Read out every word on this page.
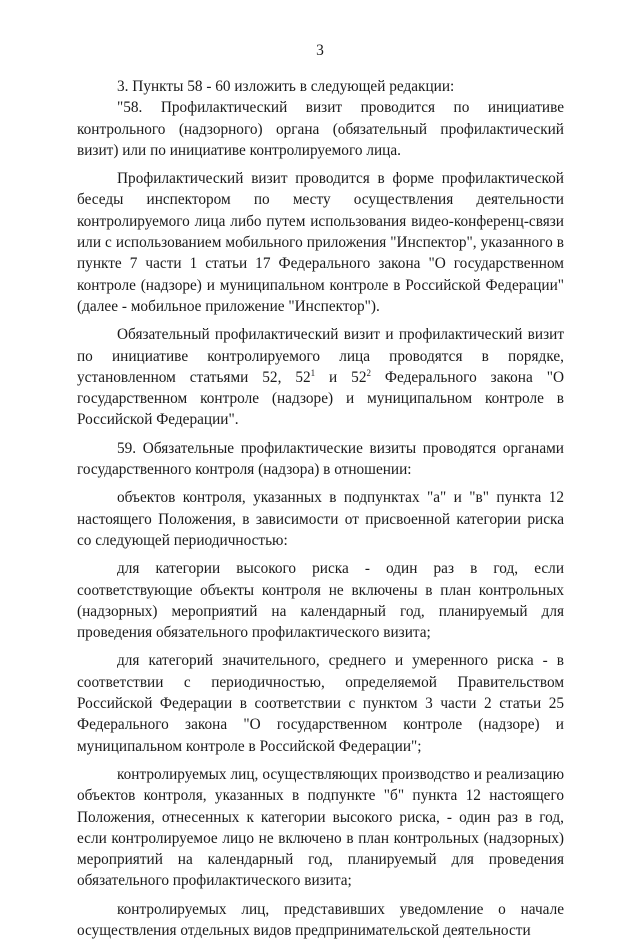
3

3. Пункты 58 - 60 изложить в следующей редакции:

"58. Профилактический визит проводится по инициативе контрольного (надзорного) органа (обязательный профилактический визит) или по инициативе контролируемого лица.

Профилактический визит проводится в форме профилактической беседы инспектором по месту осуществления деятельности контролируемого лица либо путем использования видео-конференц-связи или с использованием мобильного приложения "Инспектор", указанного в пункте 7 части 1 статьи 17 Федерального закона "О государственном контроле (надзоре) и муниципальном контроле в Российской Федерации" (далее - мобильное приложение "Инспектор").

Обязательный профилактический визит и профилактический визит по инициативе контролируемого лица проводятся в порядке, установленном статьями 52, $52^1$ и $52^2$ Федерального закона "О государственном контроле (надзоре) и муниципальном контроле в Российской Федерации".

59. Обязательные профилактические визиты проводятся органами государственного контроля (надзора) в отношении:

объектов контроля, указанных в подпунктах "а" и "в" пункта 12 настоящего Положения, в зависимости от присвоенной категории риска со следующей периодичностью:

для категории высокого риска - один раз в год, если соответствующие объекты контроля не включены в план контрольных (надзорных) мероприятий на календарный год, планируемый для проведения обязательного профилактического визита;

для категорий значительного, среднего и умеренного риска - в соответствии с периодичностью, определяемой Правительством Российской Федерации в соответствии с пунктом 3 части 2 статьи 25 Федерального закона "О государственном контроле (надзоре) и муниципальном контроле в Российской Федерации";

контролируемых лиц, осуществляющих производство и реализацию объектов контроля, указанных в подпункте "б" пункта 12 настоящего Положения, отнесенных к категории высокого риска, - один раз в год, если контролируемое лицо не включено в план контрольных (надзорных) мероприятий на календарный год, планируемый для проведения обязательного профилактического визита;

контролируемых лиц, представивших уведомление о начале осуществления отдельных видов предпринимательской деятельности
